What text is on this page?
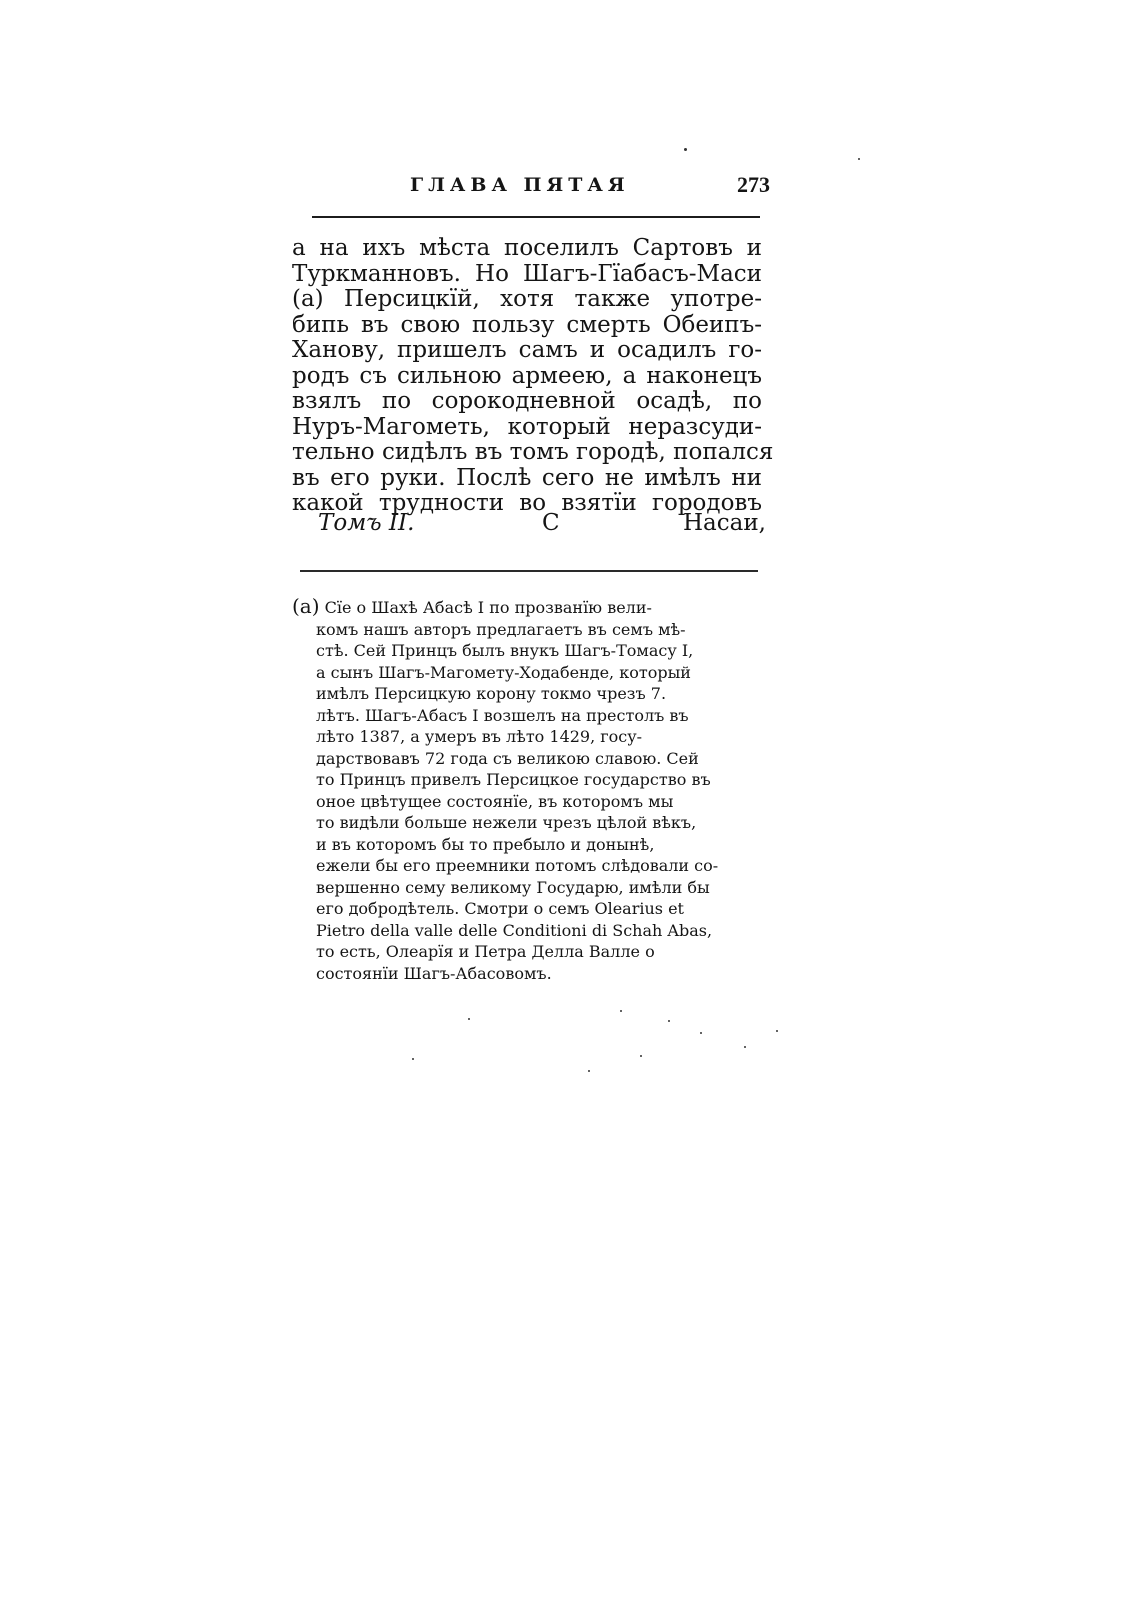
ГЛАВА ПЯТАЯ	273
а на ихъ мѣста поселилъ Сартовъ и
Туркманновъ. Но Шагъ-Гїабасъ-Маси
(а) Персицкїй, хотя также употре-
бипь въ свою пользу смерть Обеипъ-
Ханову, пришелъ самъ и осадилъ го-
родъ съ сильною армеею, а наконецъ
взялъ по сорокодневной осадѣ, по
Нуръ-Магометь, который неразсуди-
тельно сидѣлъ въ томъ городѣ, попался
въ его руки. Послѣ сего не имѣлъ ни
какой трудности во взятїи городовъ
Томъ II.	С	Насаи,
(а) Сїе о Шахѣ Абасѣ I по прозванїю вели-
комъ нашъ авторъ предлагаетъ въ семъ мѣ-
стѣ. Сей Принцъ былъ внукъ Шагъ-Томасу I,
а сынъ Шагъ-Магомету-Ходабенде, который
имѣлъ Персицкую корону токмо чрезъ 7.
лѣтъ. Шагъ-Абасъ I возшелъ на престолъ въ
лѣто 1387, а умеръ въ лѣто 1429, госу-
дарствовавъ 72 года съ великою славою. Сей
то Принцъ привелъ Персицкое государство въ
оное цвѣтущее состоянїе, въ которомъ мы
то видѣли больше нежели чрезъ цѣлой вѣкъ,
и въ которомъ бы то пребыло и донынѣ,
ежели бы его преемники потомъ слѣдовали со-
вершенно сему великому Государю, имѣли бы
его добродѣтель. Смотри о семъ Olearius et
Pietro della valle delle Conditioni di Schah Abas,
то есть, Олеарїя и Петра Делла Валле о
состоянїи Шагъ-Абасовомъ.
